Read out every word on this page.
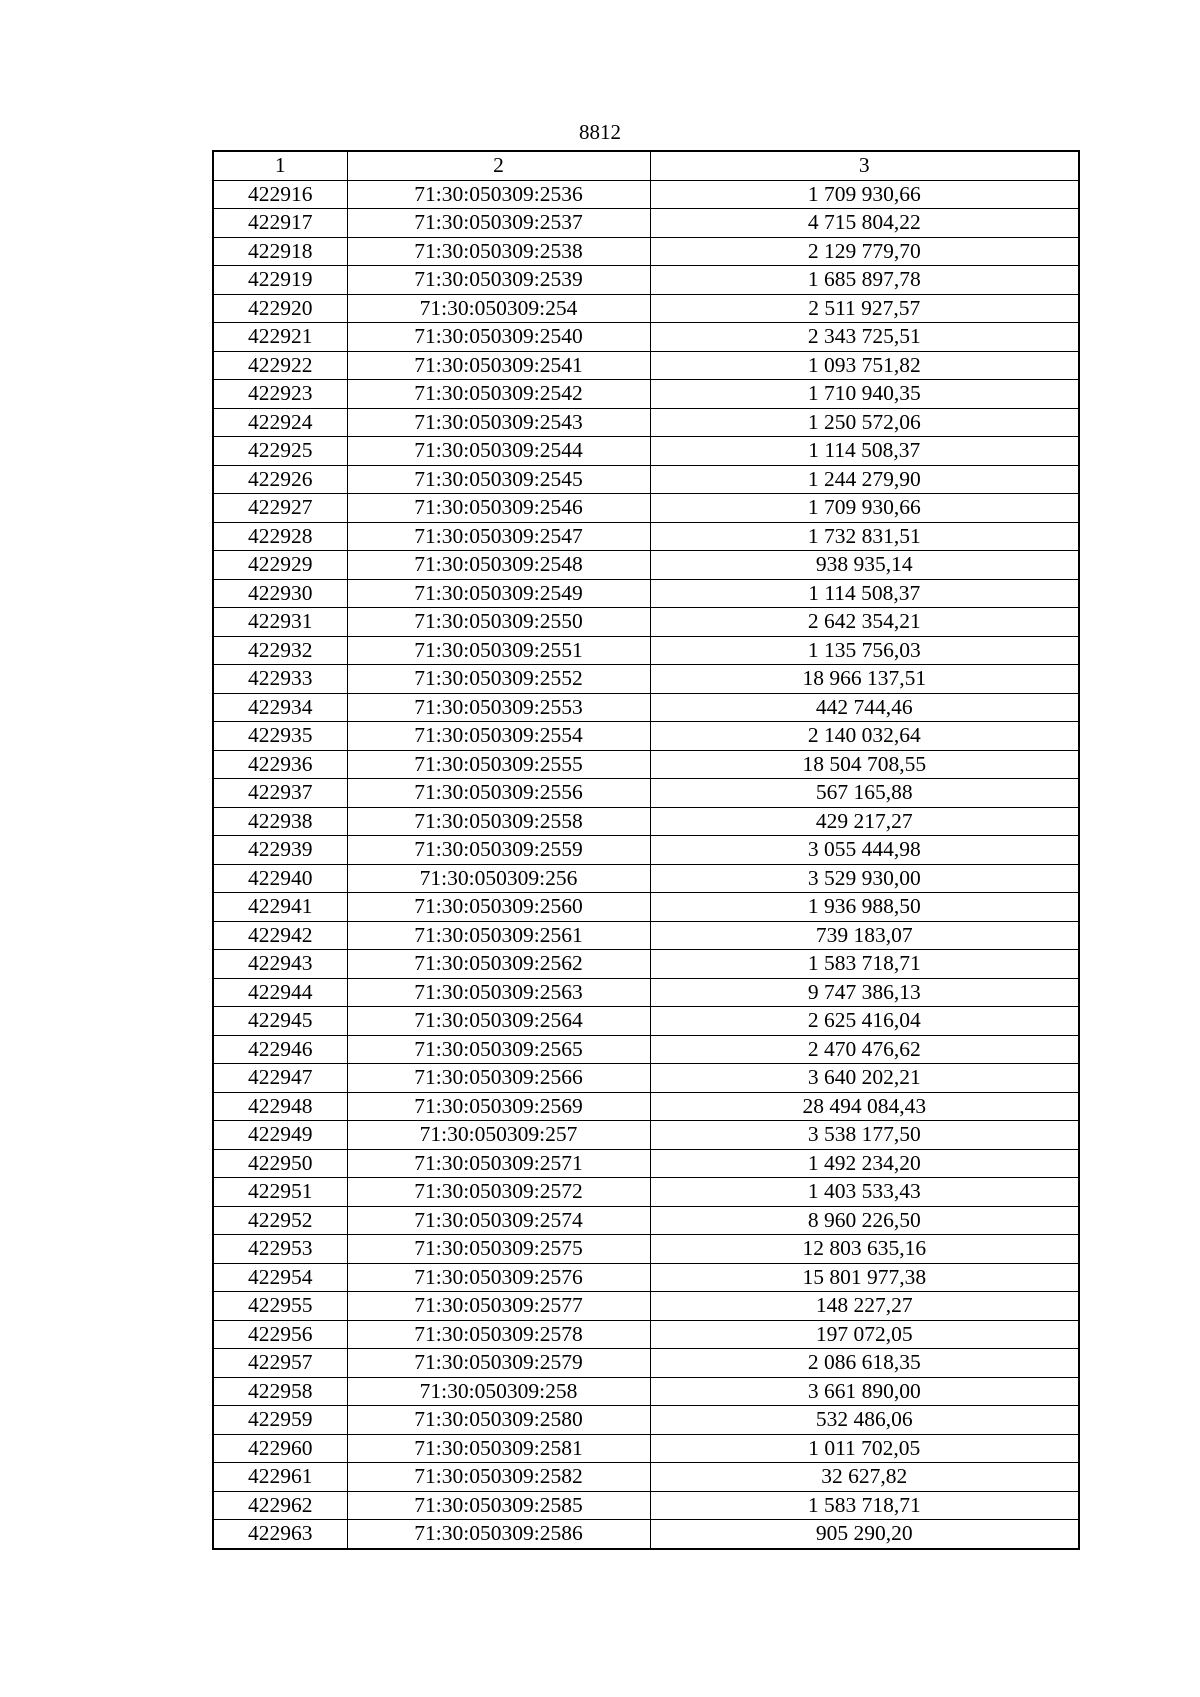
8812
1	2	3
422916	71:30:050309:2536	1 709 930,66
422917	71:30:050309:2537	4 715 804,22
422918	71:30:050309:2538	2 129 779,70
422919	71:30:050309:2539	1 685 897,78
422920	71:30:050309:254	2 511 927,57
422921	71:30:050309:2540	2 343 725,51
422922	71:30:050309:2541	1 093 751,82
422923	71:30:050309:2542	1 710 940,35
422924	71:30:050309:2543	1 250 572,06
422925	71:30:050309:2544	1 114 508,37
422926	71:30:050309:2545	1 244 279,90
422927	71:30:050309:2546	1 709 930,66
422928	71:30:050309:2547	1 732 831,51
422929	71:30:050309:2548	938 935,14
422930	71:30:050309:2549	1 114 508,37
422931	71:30:050309:2550	2 642 354,21
422932	71:30:050309:2551	1 135 756,03
422933	71:30:050309:2552	18 966 137,51
422934	71:30:050309:2553	442 744,46
422935	71:30:050309:2554	2 140 032,64
422936	71:30:050309:2555	18 504 708,55
422937	71:30:050309:2556	567 165,88
422938	71:30:050309:2558	429 217,27
422939	71:30:050309:2559	3 055 444,98
422940	71:30:050309:256	3 529 930,00
422941	71:30:050309:2560	1 936 988,50
422942	71:30:050309:2561	739 183,07
422943	71:30:050309:2562	1 583 718,71
422944	71:30:050309:2563	9 747 386,13
422945	71:30:050309:2564	2 625 416,04
422946	71:30:050309:2565	2 470 476,62
422947	71:30:050309:2566	3 640 202,21
422948	71:30:050309:2569	28 494 084,43
422949	71:30:050309:257	3 538 177,50
422950	71:30:050309:2571	1 492 234,20
422951	71:30:050309:2572	1 403 533,43
422952	71:30:050309:2574	8 960 226,50
422953	71:30:050309:2575	12 803 635,16
422954	71:30:050309:2576	15 801 977,38
422955	71:30:050309:2577	148 227,27
422956	71:30:050309:2578	197 072,05
422957	71:30:050309:2579	2 086 618,35
422958	71:30:050309:258	3 661 890,00
422959	71:30:050309:2580	532 486,06
422960	71:30:050309:2581	1 011 702,05
422961	71:30:050309:2582	32 627,82
422962	71:30:050309:2585	1 583 718,71
422963	71:30:050309:2586	905 290,20
